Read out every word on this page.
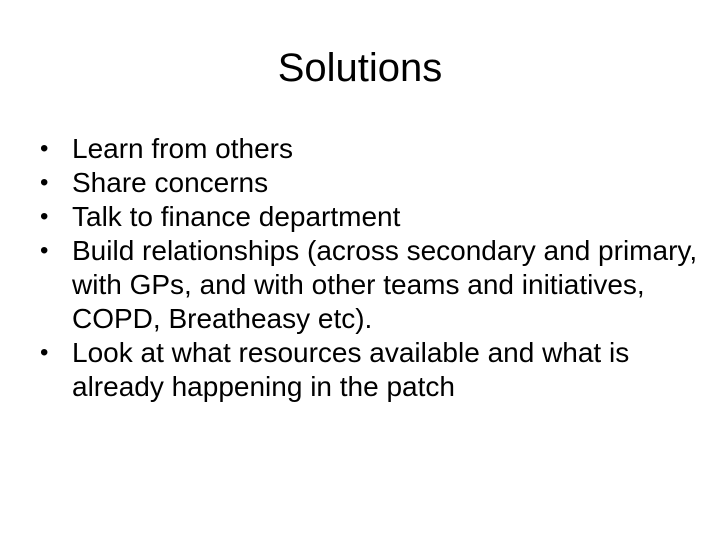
Solutions
• Learn from others
• Share concerns
• Talk to finance department
• Build relationships (across secondary and primary, with GPs, and with other teams and initiatives, COPD, Breatheasy etc).
• Look at what resources available and what is already happening in the patch
